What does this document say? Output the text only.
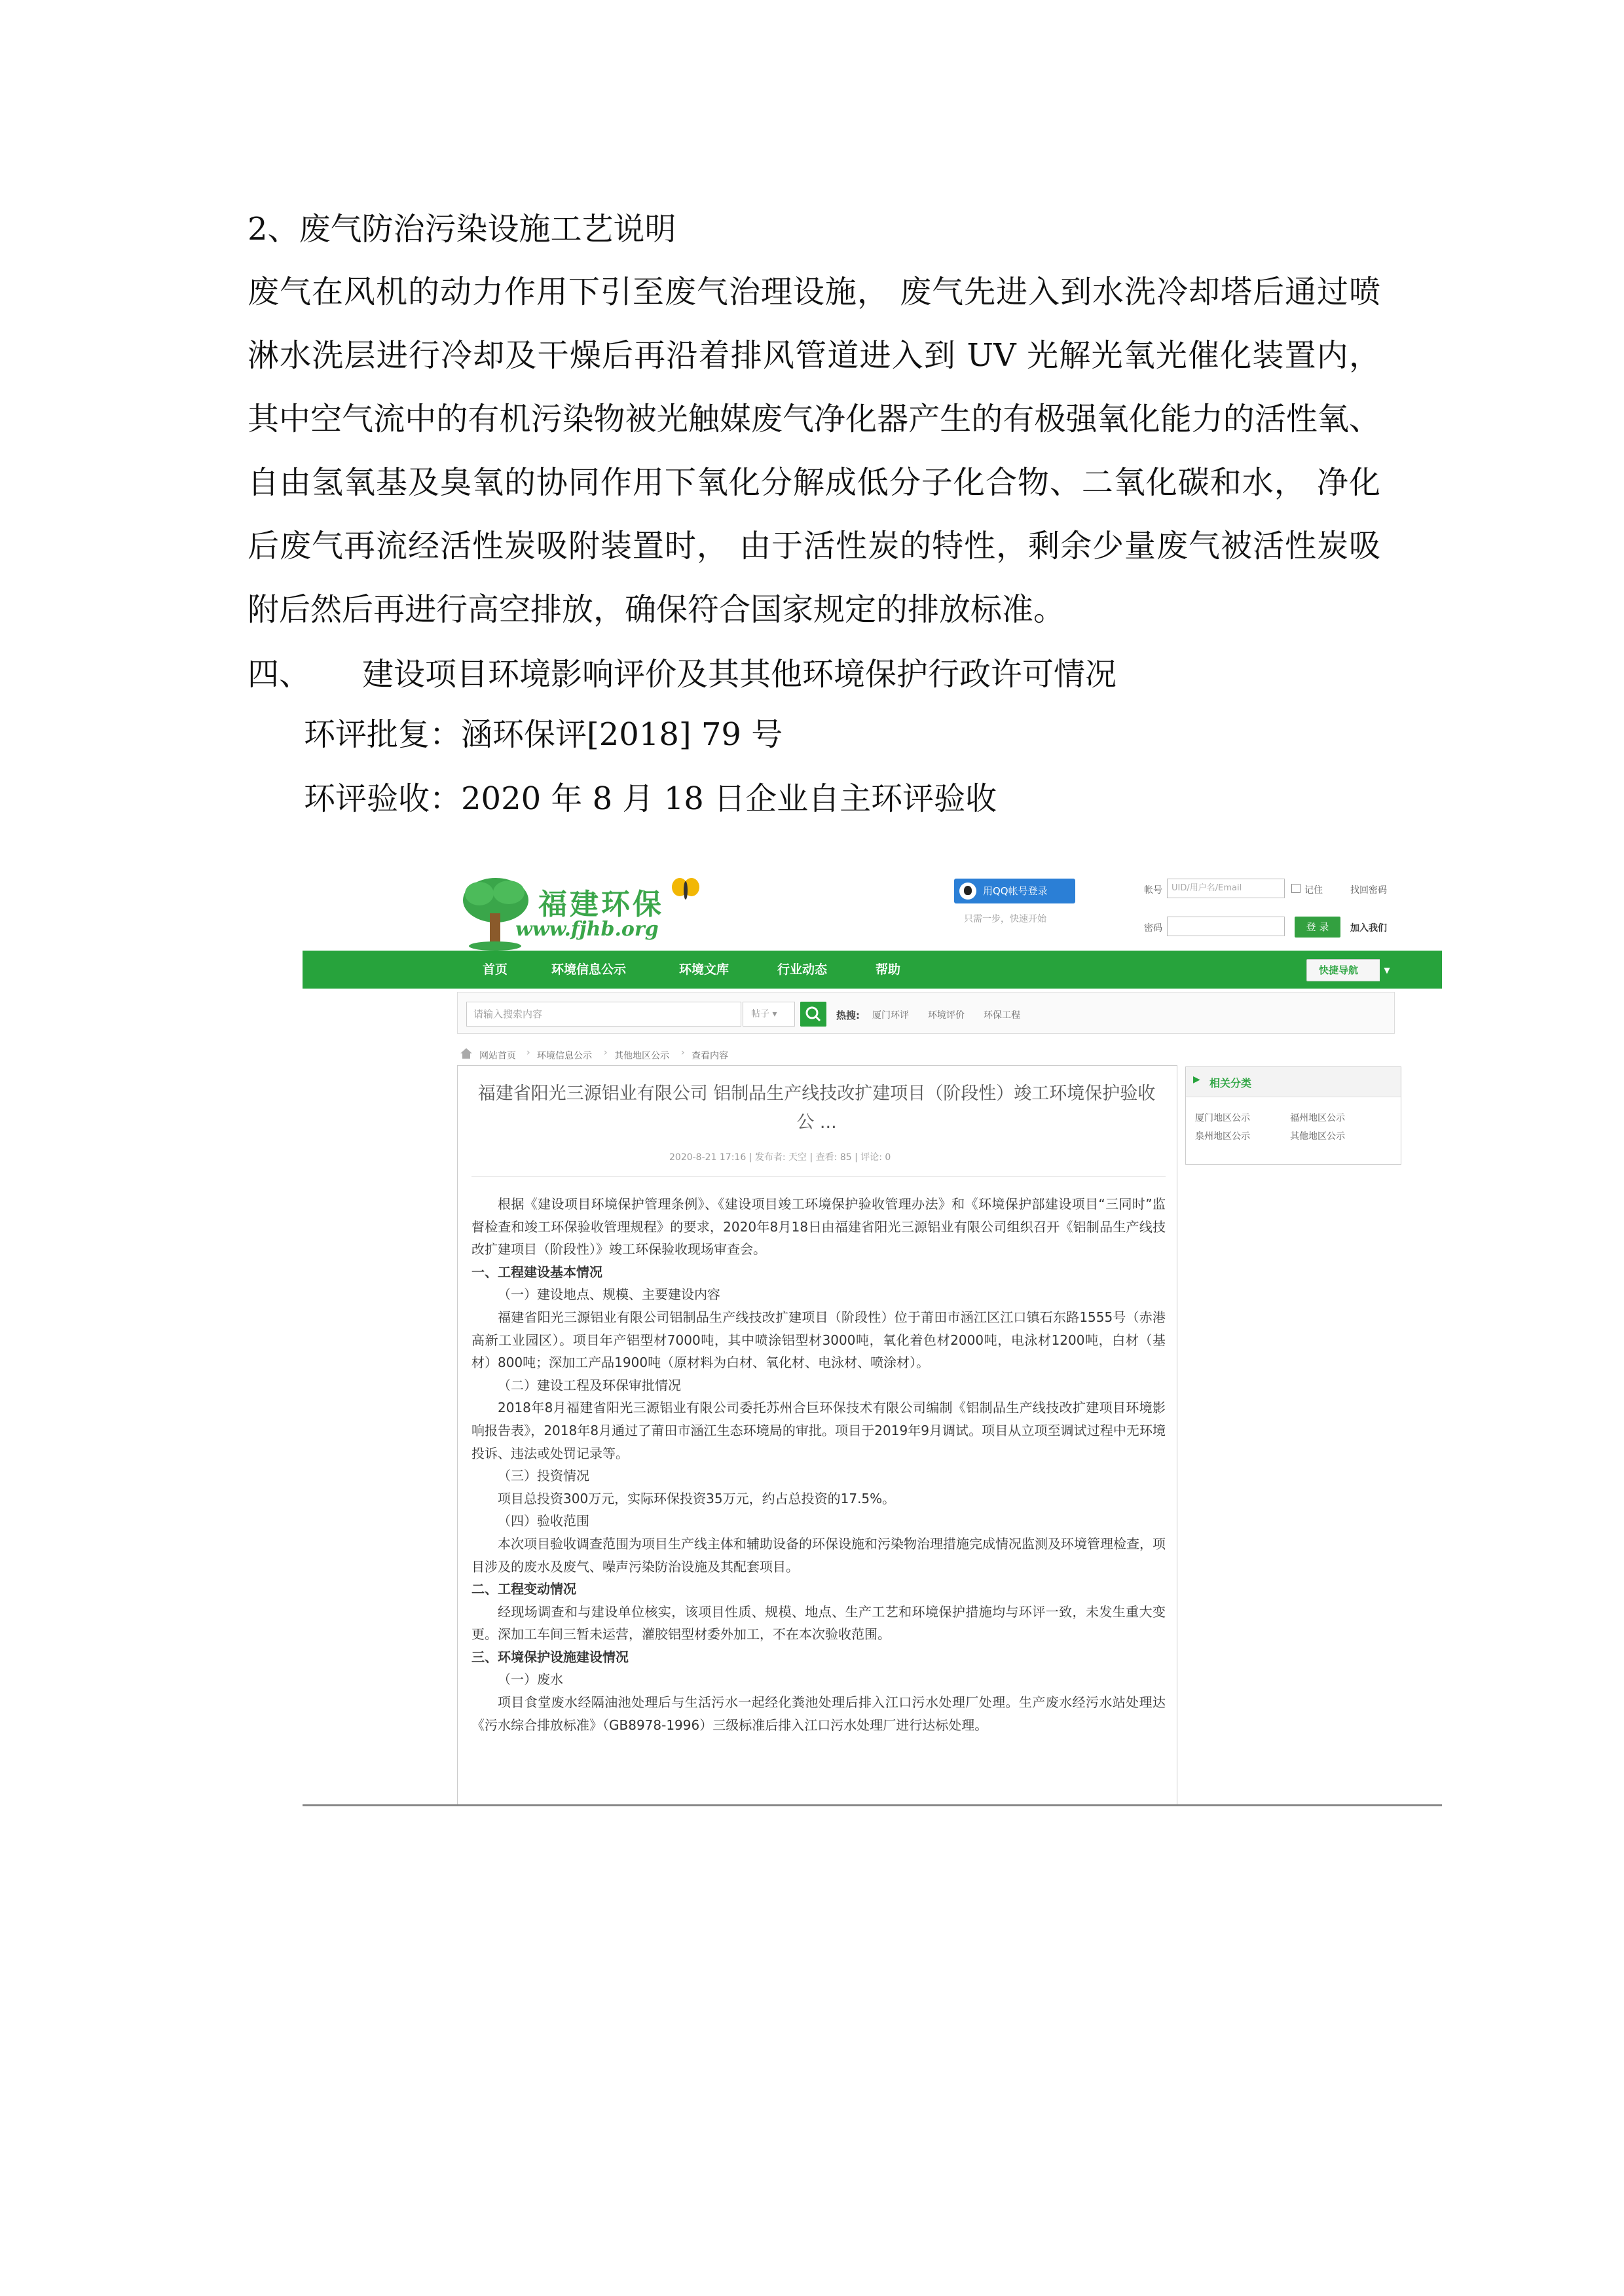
2、废气防治污染设施工艺说明
废气在风机的动力作用下引至废气治理设施， 废气先进入到水洗冷却塔后通过喷淋水洗层进行冷却及干燥后再沿着排风管道进入到 UV 光解光氧光催化装置内， 其中空气流中的有机污染物被光触媒废气净化器产生的有极强氧化能力的活性氧、自由氢氧基及臭氧的协同作用下氧化分解成低分子化合物、二氧化碳和水， 净化后废气再流经活性炭吸附装置时， 由于活性炭的特性，剩余少量废气被活性炭吸附后然后再进行高空排放，确保符合国家规定的排放标准。
四、 建设项目环境影响评价及其其他环境保护行政许可情况
环评批复：涵环保评[2018] 79 号
环评验收：2020 年 8 月 18 日企业自主环评验收
福建环保
www.fjhb.org
用QQ帐号登录
只需一步，快速开始
帐号	UID/用户名/Email	记住	找回密码
密码	登 录	加入我们
首页	环境信息公示	环境文库	行业动态	帮助	快捷导航	▼
请输入搜索内容	帖子 ▾	热搜: 厦门环评 环境评价 环保工程
网站首页 › 环境信息公示 › 其他地区公示 › 查看内容
福建省阳光三源铝业有限公司 铝制品生产线技改扩建项目（阶段性）竣工环境保护验收公 ...
2020-8-21 17:16 | 发布者: 天空 | 查看: 85 | 评论: 0

根据《建设项目环境保护管理条例》、《建设项目竣工环境保护验收管理办法》和《环境保护部建设项目“三同时”监督检查和竣工环保验收管理规程》的要求，2020年8月18日由福建省阳光三源铝业有限公司组织召开《铝制品生产线技改扩建项目（阶段性）》竣工环保验收现场审查会。

一、工程建设基本情况

（一）建设地点、规模、主要建设内容

福建省阳光三源铝业有限公司铝制品生产线技改扩建项目（阶段性）位于莆田市涵江区江口镇石东路1555号（赤港高新工业园区）。项目年产铝型材7000吨，其中喷涂铝型材3000吨，氧化着色材2000吨，电泳材1200吨，白材（基材）800吨；深加工产品1900吨（原材料为白材、氧化材、电泳材、喷涂材）。

（二）建设工程及环保审批情况

2018年8月福建省阳光三源铝业有限公司委托苏州合巨环保技术有限公司编制《铝制品生产线技改扩建项目环境影响报告表》，2018年8月通过了莆田市涵江生态环境局的审批。项目于2019年9月调试。项目从立项至调试过程中无环境投诉、违法或处罚记录等。

（三）投资情况

项目总投资300万元，实际环保投资35万元，约占总投资的17.5%。

（四）验收范围

本次项目验收调查范围为项目生产线主体和辅助设备的环保设施和污染物治理措施完成情况监测及环境管理检查，项目涉及的废水及废气、噪声污染防治设施及其配套项目。

二、工程变动情况

经现场调查和与建设单位核实，该项目性质、规模、地点、生产工艺和环境保护措施均与环评一致，未发生重大变更。深加工车间三暂未运营，灌胶铝型材委外加工，不在本次验收范围。

三、环境保护设施建设情况

（一）废水

项目食堂废水经隔油池处理后与生活污水一起经化粪池处理后排入江口污水处理厂处理。生产废水经污水站处理达《污水综合排放标准》（GB8978-1996）三级标准后排入江口污水处理厂进行达标处理。

▶ 相关分类
厦门地区公示	福州地区公示
泉州地区公示	其他地区公示
